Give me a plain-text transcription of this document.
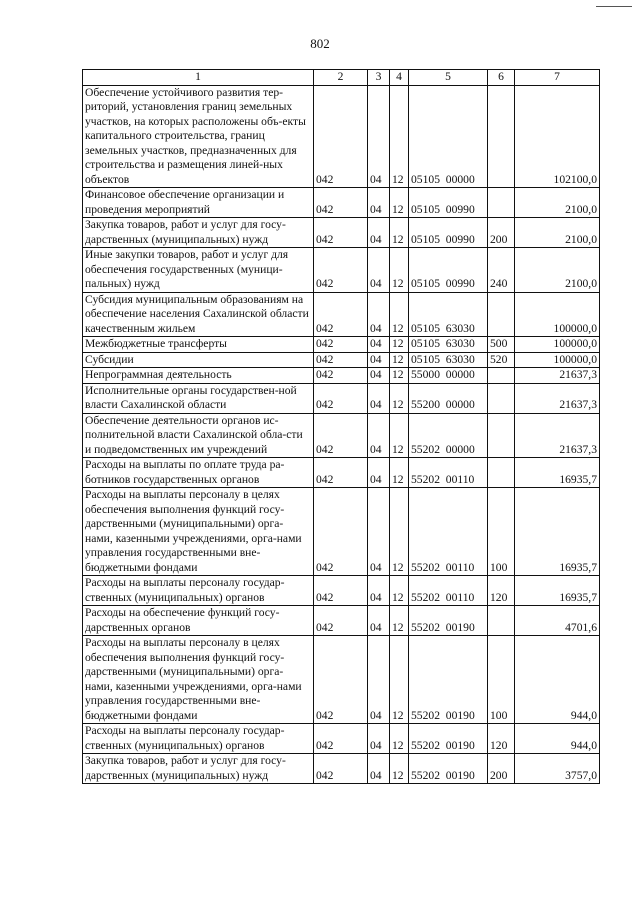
802
1	2	3	4	5	6	7
Обеспечение устойчивого развития тер-риторий, установления границ земельных участков, на которых расположены объ-екты капитального строительства, границ земельных участков, предназначенных для строительства и размещения линей-ных объектов	042	04	12	05105 00000		102100,0
Финансовое обеспечение организации и проведения мероприятий	042	04	12	05105 00990		2100,0
Закупка товаров, работ и услуг для госу-дарственных (муниципальных) нужд	042	04	12	05105 00990	200	2100,0
Иные закупки товаров, работ и услуг для обеспечения государственных (муници-пальных) нужд	042	04	12	05105 00990	240	2100,0
Субсидия муниципальным образованиям на обеспечение населения Сахалинской области качественным жильем	042	04	12	05105 63030		100000,0
Межбюджетные трансферты	042	04	12	05105 63030	500	100000,0
Субсидии	042	04	12	05105 63030	520	100000,0
Непрограммная деятельность	042	04	12	55000 00000		21637,3
Исполнительные органы государствен-ной власти Сахалинской области	042	04	12	55200 00000		21637,3
Обеспечение деятельности органов ис-полнительной власти Сахалинской обла-сти и подведомственных им учреждений	042	04	12	55202 00000		21637,3
Расходы на выплаты по оплате труда ра-ботников государственных органов	042	04	12	55202 00110		16935,7
Расходы на выплаты персоналу в целях обеспечения выполнения функций госу-дарственными (муниципальными) орга-нами, казенными учреждениями, орга-нами управления государственными вне-бюджетными фондами	042	04	12	55202 00110	100	16935,7
Расходы на выплаты персоналу государ-ственных (муниципальных) органов	042	04	12	55202 00110	120	16935,7
Расходы на обеспечение функций госу-дарственных органов	042	04	12	55202 00190		4701,6
Расходы на выплаты персоналу в целях обеспечения выполнения функций госу-дарственными (муниципальными) орга-нами, казенными учреждениями, орга-нами управления государственными вне-бюджетными фондами	042	04	12	55202 00190	100	944,0
Расходы на выплаты персоналу государ-ственных (муниципальных) органов	042	04	12	55202 00190	120	944,0
Закупка товаров, работ и услуг для госу-дарственных (муниципальных) нужд	042	04	12	55202 00190	200	3757,0
